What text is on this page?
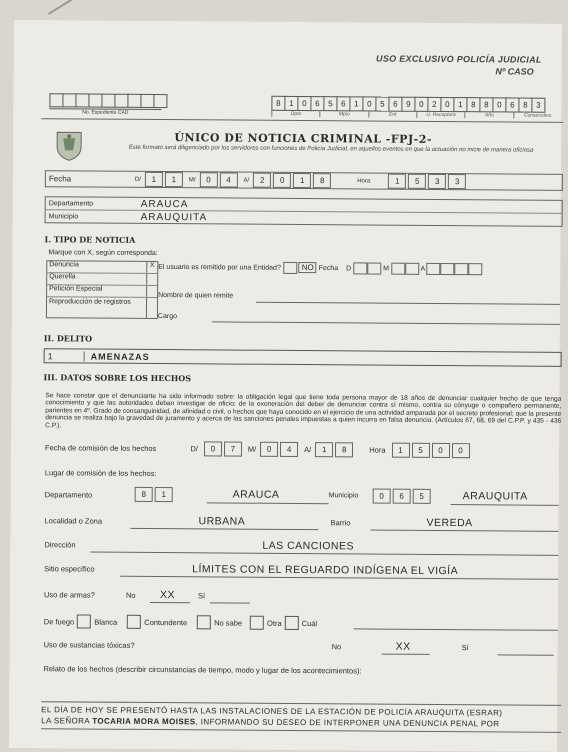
USO EXCLUSIVO POLICÍA JUDICIAL
Nº CASO
No. Expediente CAD
8	1	0	6	5	6	1	0	5	6	9	0	2	0	1	8	8	0	6	8	3
Dpto	Mpio	Ent	U. Receptora	Año	Consecutivo
ÚNICO DE NOTICIA CRIMINAL -FPJ-2-
Este formato será diligenciado por los servidores con funciones de Policía Judicial, en aquellos eventos en que la actuación no inicie de manera oficiosa
Fecha	D/	1	1	M/	0	4	A/	2	0	1	8	Hora	1	5	3	3
Departamento	ARAUCA
Municipio	ARAUQUITA
I. TIPO DE NOTICIA
Marque con X, según corresponda:
Denuncia	X
Querella
Petición Especial
Reproducción de registros
El usuario es remitido por una Entidad?	NO Fecha D	M	A
Nombre de quien remite
Cargo
II. DELITO
1	AMENAZAS
III. DATOS SOBRE LOS HECHOS
Se hace constar que el denunciante ha sido informado sobre: la obligación legal que tiene toda persona mayor de 18 años de denunciar cualquier hecho de que tenga conocimiento y que las autoridades deban investigar de oficio; de la exoneración del deber de denunciar contra sí mismo, contra su cónyuge o compañero permanente, parientes en 4º. Grado de consanguinidad, de afinidad o civil, o hechos que haya conocido en el ejercicio de una actividad amparada por el secreto profesional; que la presente denuncia se realiza bajo la gravedad de juramento y acerca de las sanciones penales impuestas a quien incurra en falsa denuncia. (Artículos 67, 68, 69 del C.P.P. y 435 - 436 C.P.).
Fecha de comisión de los hechos	D/	0	7	M/	0	4	A/	1	8	Hora	1	5	0	0
Lugar de comisión de los hechos:
Departamento	8	1	ARAUCA	Municipio	0	6	5	ARAUQUITA
Localidad o Zona	URBANA	Barrio	VEREDA
Dirección	LAS CANCIONES
Sitio específico	LÍMITES CON EL REGUARDO INDÍGENA EL VIGÍA
Uso de armas?	No XX	Sí
De fuego	Blanca	Contundente	No sabe	Otra	Cuál
Uso de sustancias tóxicas?	No	XX	Sí
Relato de los hechos (describir circunstancias de tiempo, modo y lugar de los acontecimientos):
EL DÍA DE HOY SE PRESENTÓ HASTA LAS INSTALACIONES DE LA ESTACIÓN DE POLICÍA ARAUQUITA (ESRAR)
LA SEÑORA TOCARIA MORA MOISES, INFORMANDO SU DESEO DE INTERPONER UNA DENUNCIA PENAL POR
